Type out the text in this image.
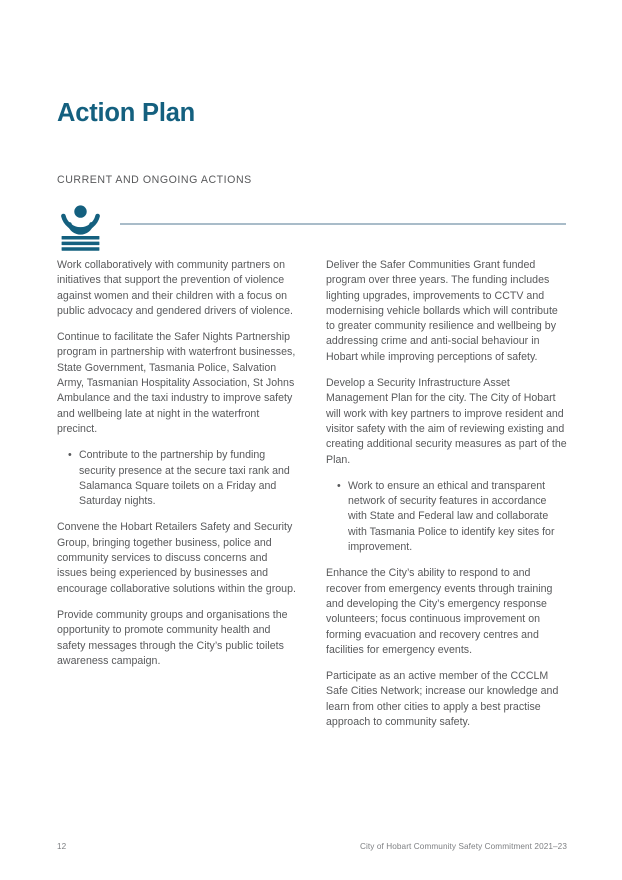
Action Plan
CURRENT AND ONGOING ACTIONS

Work collaboratively with community partners on initiatives that support the prevention of violence against women and their children with a focus on public advocacy and gendered drivers of violence.

Continue to facilitate the Safer Nights Partnership program in partnership with waterfront businesses, State Government, Tasmania Police, Salvation Army, Tasmanian Hospitality Association, St Johns Ambulance and the taxi industry to improve safety and wellbeing late at night in the waterfront precinct.

• Contribute to the partnership by funding security presence at the secure taxi rank and Salamanca Square toilets on a Friday and Saturday nights.

Convene the Hobart Retailers Safety and Security Group, bringing together business, police and community services to discuss concerns and issues being experienced by businesses and encourage collaborative solutions within the group.

Provide community groups and organisations the opportunity to promote community health and safety messages through the City’s public toilets awareness campaign.

Deliver the Safer Communities Grant funded program over three years. The funding includes lighting upgrades, improvements to CCTV and modernising vehicle bollards which will contribute to greater community resilience and wellbeing by addressing crime and anti-social behaviour in Hobart while improving perceptions of safety.

Develop a Security Infrastructure Asset Management Plan for the city. The City of Hobart will work with key partners to improve resident and visitor safety with the aim of reviewing existing and creating additional security measures as part of the Plan.

• Work to ensure an ethical and transparent network of security features in accordance with State and Federal law and collaborate with Tasmania Police to identify key sites for improvement.

Enhance the City’s ability to respond to and recover from emergency events through training and developing the City’s emergency response volunteers; focus continuous improvement on forming evacuation and recovery centres and facilities for emergency events.

Participate as an active member of the CCCLM Safe Cities Network; increase our knowledge and learn from other cities to apply a best practise approach to community safety.

12	City of Hobart Community Safety Commitment 2021–23
